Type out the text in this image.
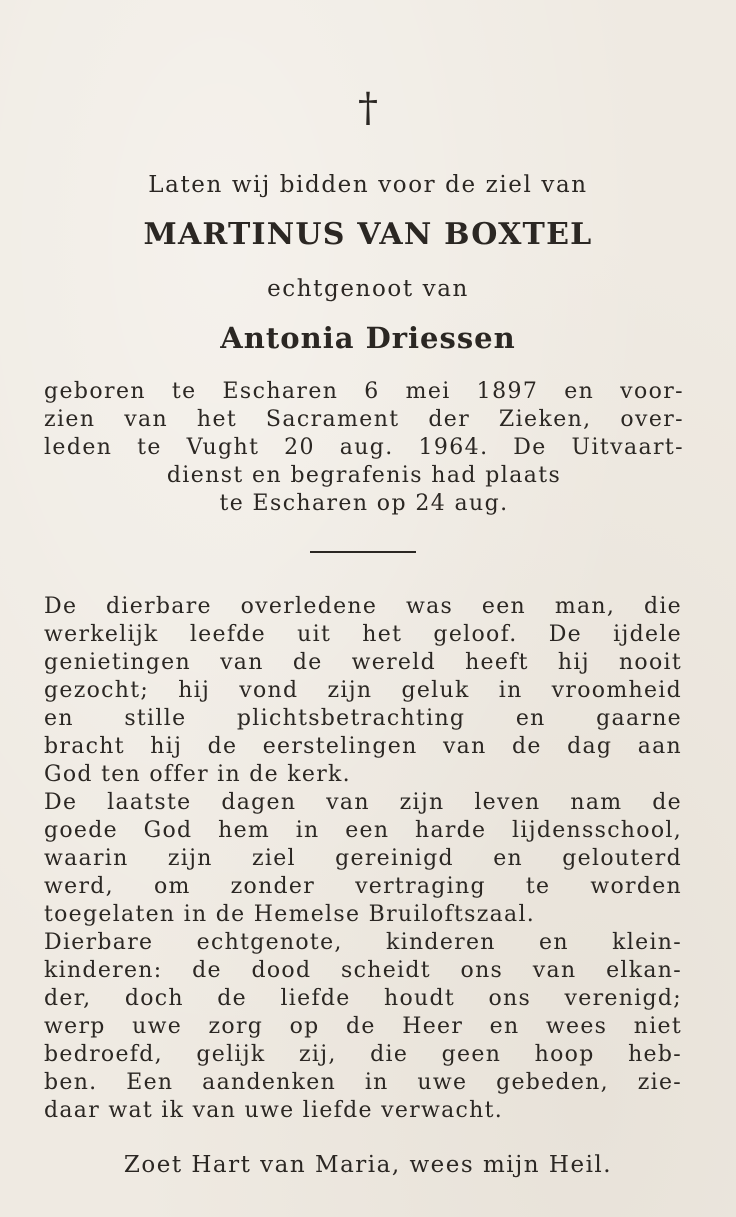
†
Laten wij bidden voor de ziel van
MARTINUS VAN BOXTEL
echtgenoot van
Antonia Driessen
geboren te Escharen 6 mei 1897 en voor-
zien van het Sacrament der Zieken, over-
leden te Vught 20 aug. 1964. De Uitvaart-
dienst en begrafenis had plaats
te Escharen op 24 aug.
De dierbare overledene was een man, die
werkelijk leefde uit het geloof. De ijdele
genietingen van de wereld heeft hij nooit
gezocht; hij vond zijn geluk in vroomheid
en stille plichtsbetrachting en gaarne
bracht hij de eerstelingen van de dag aan
God ten offer in de kerk.
De laatste dagen van zijn leven nam de
goede God hem in een harde lijdensschool,
waarin zijn ziel gereinigd en gelouterd
werd, om zonder vertraging te worden
toegelaten in de Hemelse Bruiloftszaal.
Dierbare echtgenote, kinderen en klein-
kinderen: de dood scheidt ons van elkan-
der, doch de liefde houdt ons verenigd;
werp uwe zorg op de Heer en wees niet
bedroefd, gelijk zij, die geen hoop heb-
ben. Een aandenken in uwe gebeden, zie-
daar wat ik van uwe liefde verwacht.
Zoet Hart van Maria, wees mijn Heil.
